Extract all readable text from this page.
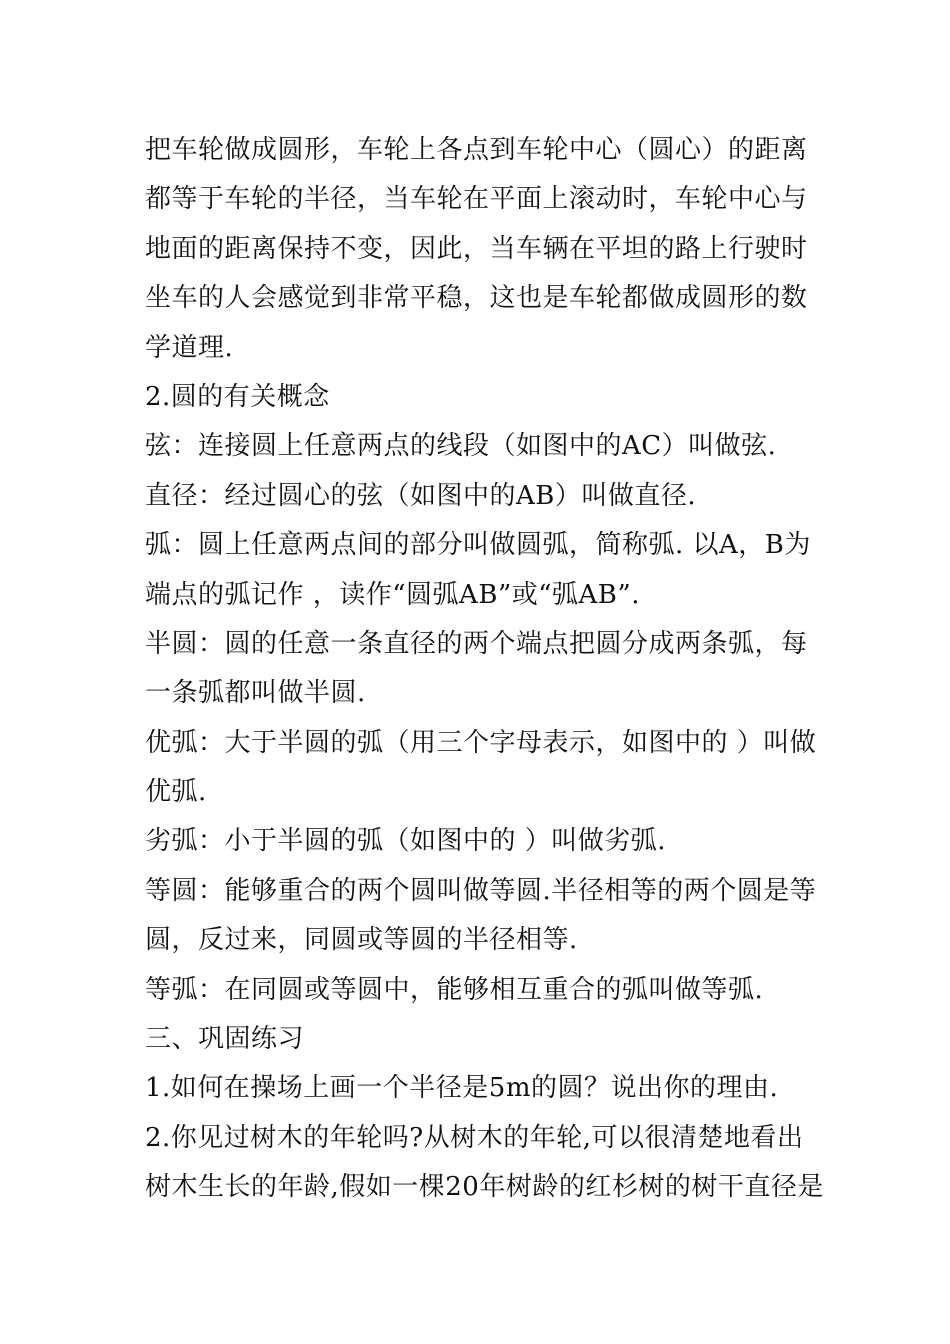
把车轮做成圆形，车轮上各点到车轮中心（圆心）的距离
都等于车轮的半径，当车轮在平面上滚动时，车轮中心与
地面的距离保持不变，因此，当车辆在平坦的路上行驶时
坐车的人会感觉到非常平稳，这也是车轮都做成圆形的数
学道理.
2.圆的有关概念
弦：连接圆上任意两点的线段（如图中的AC）叫做弦.
直径：经过圆心的弦（如图中的AB）叫做直径.
弧：圆上任意两点间的部分叫做圆弧，简称弧. 以A，B为
端点的弧记作 ，读作“圆弧AB”或“弧AB”.
半圆：圆的任意一条直径的两个端点把圆分成两条弧，每
一条弧都叫做半圆.
优弧：大于半圆的弧（用三个字母表示，如图中的 ）叫做
优弧.
劣弧：小于半圆的弧（如图中的 ）叫做劣弧.
等圆：能够重合的两个圆叫做等圆.半径相等的两个圆是等
圆，反过来，同圆或等圆的半径相等.
等弧：在同圆或等圆中，能够相互重合的弧叫做等弧.
三、巩固练习
1.如何在操场上画一个半径是5m的圆？说出你的理由.
2.你见过树木的年轮吗?从树木的年轮,可以很清楚地看出
树木生长的年龄,假如一棵20年树龄的红杉树的树干直径是
